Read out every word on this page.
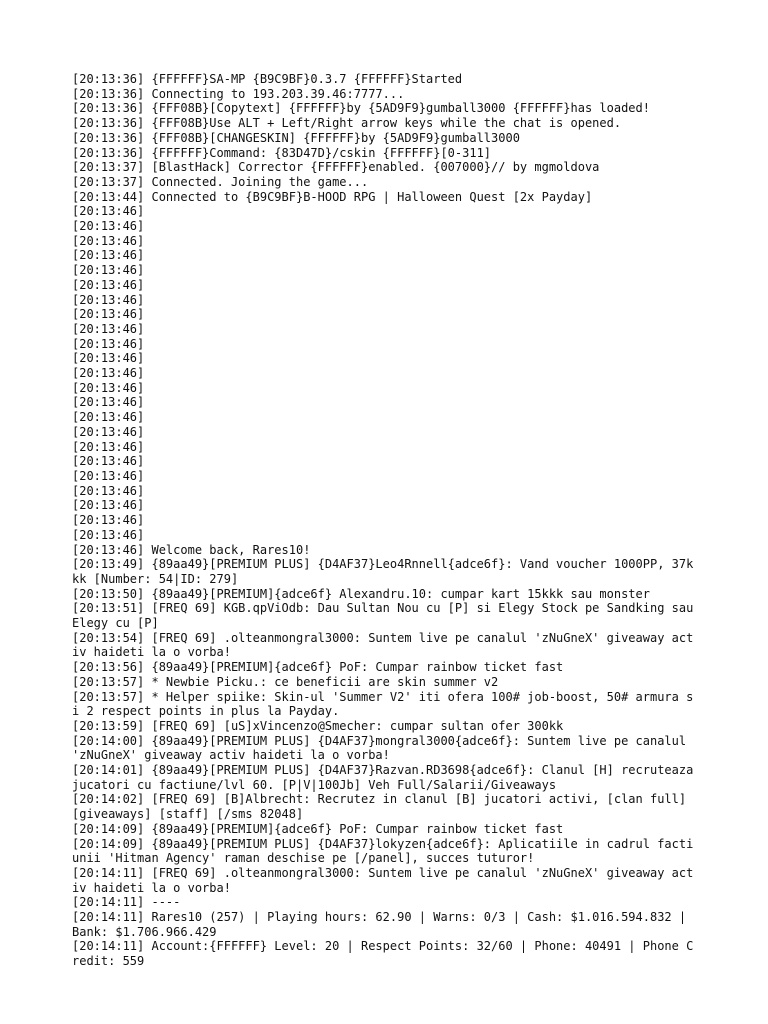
[20:13:36] {FFFFFF}SA-MP {B9C9BF}0.3.7 {FFFFFF}Started
[20:13:36] Connecting to 193.203.39.46:7777...
[20:13:36] {FFF08B}[Copytext] {FFFFFF}by {5AD9F9}gumball3000 {FFFFFF}has loaded!
[20:13:36] {FFF08B}Use ALT + Left/Right arrow keys while the chat is opened.
[20:13:36] {FFF08B}[CHANGESKIN] {FFFFFF}by {5AD9F9}gumball3000
[20:13:36] {FFFFFF}Command: {83D47D}/cskin {FFFFFF}[0-311]
[20:13:37] [BlastHack] Corrector {FFFFFF}enabled. {007000}// by mgmoldova
[20:13:37] Connected. Joining the game...
[20:13:44] Connected to {B9C9BF}B-HOOD RPG | Halloween Quest [2x Payday]
[20:13:46]
[20:13:46]
[20:13:46]
[20:13:46]
[20:13:46]
[20:13:46]
[20:13:46]
[20:13:46]
[20:13:46]
[20:13:46]
[20:13:46]
[20:13:46]
[20:13:46]
[20:13:46]
[20:13:46]
[20:13:46]
[20:13:46]
[20:13:46]
[20:13:46]
[20:13:46]
[20:13:46]
[20:13:46]
[20:13:46]
[20:13:46] Welcome back, Rares10!
[20:13:49] {89aa49}[PREMIUM PLUS] {D4AF37}Leo4Rnnell{adce6f}: Vand voucher 1000PP, 37kkk [Number: 54|ID: 279]
[20:13:50] {89aa49}[PREMIUM]{adce6f} Alexandru.10: cumpar kart 15kkk sau monster
[20:13:51] [FREQ 69] KGB.qpViOdb: Dau Sultan Nou cu [P] si Elegy Stock pe Sandking sau Elegy cu [P]
[20:13:54] [FREQ 69] .olteanmongral3000: Suntem live pe canalul 'zNuGneX' giveaway activ haideti la o vorba!
[20:13:56] {89aa49}[PREMIUM]{adce6f} PoF: Cumpar rainbow ticket fast
[20:13:57] * Newbie Picku.: ce beneficii are skin summer v2
[20:13:57] * Helper spiike: Skin-ul 'Summer V2' iti ofera 100# job-boost, 50# armura si 2 respect points in plus la Payday.
[20:13:59] [FREQ 69] [uS]xVincenzo@Smecher: cumpar sultan ofer 300kk
[20:14:00] {89aa49}[PREMIUM PLUS] {D4AF37}mongral3000{adce6f}: Suntem live pe canalul 'zNuGneX' giveaway activ haideti la o vorba!
[20:14:01] {89aa49}[PREMIUM PLUS] {D4AF37}Razvan.RD3698{adce6f}: Clanul [H] recruteaza jucatori cu factiune/lvl 60. [P|V|100Jb] Veh Full/Salarii/Giveaways
[20:14:02] [FREQ 69] [B]Albrecht: Recrutez in clanul [B] jucatori activi, [clan full] [giveaways] [staff] [/sms 82048]
[20:14:09] {89aa49}[PREMIUM]{adce6f} PoF: Cumpar rainbow ticket fast
[20:14:09] {89aa49}[PREMIUM PLUS] {D4AF37}lokyzen{adce6f}: Aplicatiile in cadrul factiunii 'Hitman Agency' raman deschise pe [/panel], succes tuturor!
[20:14:11] [FREQ 69] .olteanmongral3000: Suntem live pe canalul 'zNuGneX' giveaway activ haideti la o vorba!
[20:14:11] ----
[20:14:11] Rares10 (257) | Playing hours: 62.90 | Warns: 0/3 | Cash: $1.016.594.832 | Bank: $1.706.966.429
[20:14:11] Account:{FFFFFF} Level: 20 | Respect Points: 32/60 | Phone: 40491 | Phone Credit: 559
